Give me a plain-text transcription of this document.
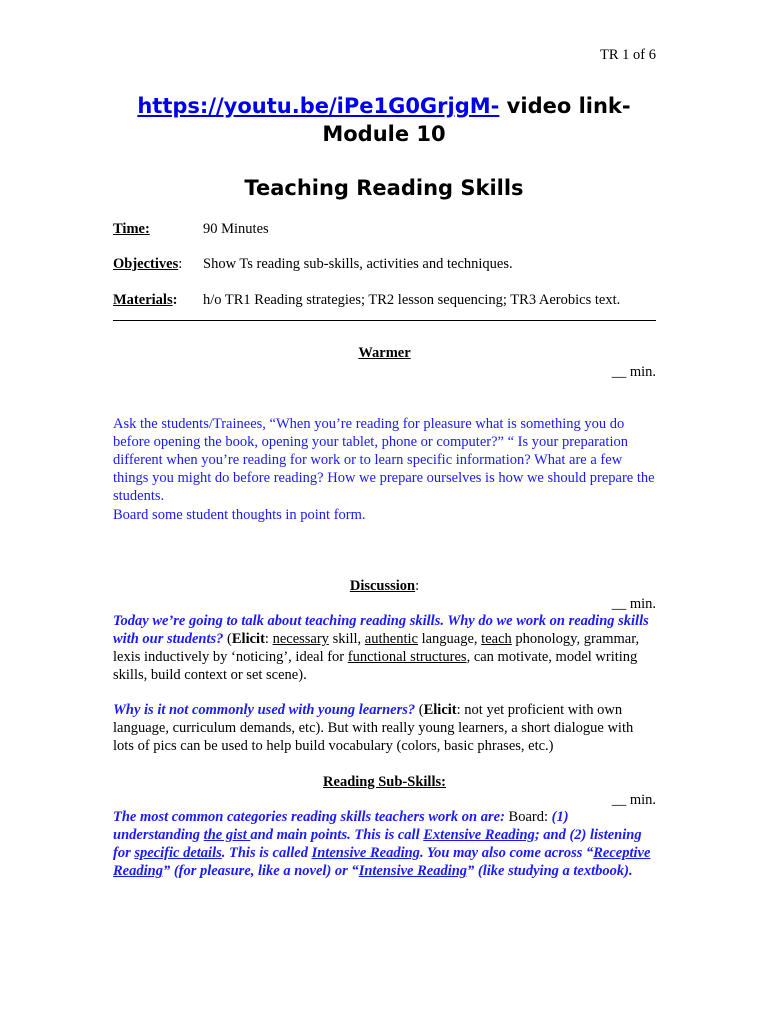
TR 1 of 6
https://youtu.be/iPe1G0GrjgM- video link-
Module 10
Teaching Reading Skills
Time:	90 Minutes
Objectives: Show Ts reading sub-skills, activities and techniques.
Materials: h/o TR1 Reading strategies; TR2 lesson sequencing; TR3 Aerobics text.
Warmer
__ min.
Ask the students/Trainees, “When you’re reading for pleasure what is something you do before opening the book, opening your tablet, phone or computer?” “ Is your preparation different when you’re reading for work or to learn specific information? What are a few things you might do before reading? How we prepare ourselves is how we should prepare the students.
Board some student thoughts in point form.
Discussion:
__ min.
Today we’re going to talk about teaching reading skills. Why do we work on reading skills with our students? (Elicit: necessary skill, authentic language, teach phonology, grammar, lexis inductively by ‘noticing’, ideal for functional structures, can motivate, model writing skills, build context or set scene).
Why is it not commonly used with young learners? (Elicit: not yet proficient with own language, curriculum demands, etc). But with really young learners, a short dialogue with lots of pics can be used to help build vocabulary (colors, basic phrases, etc.)
Reading Sub-Skills:
__ min.
The most common categories reading skills teachers work on are: Board: (1) understanding the gist and main points. This is call Extensive Reading; and (2) listening for specific details. This is called Intensive Reading. You may also come across “Receptive Reading” (for pleasure, like a novel) or “Intensive Reading” (like studying a textbook).
